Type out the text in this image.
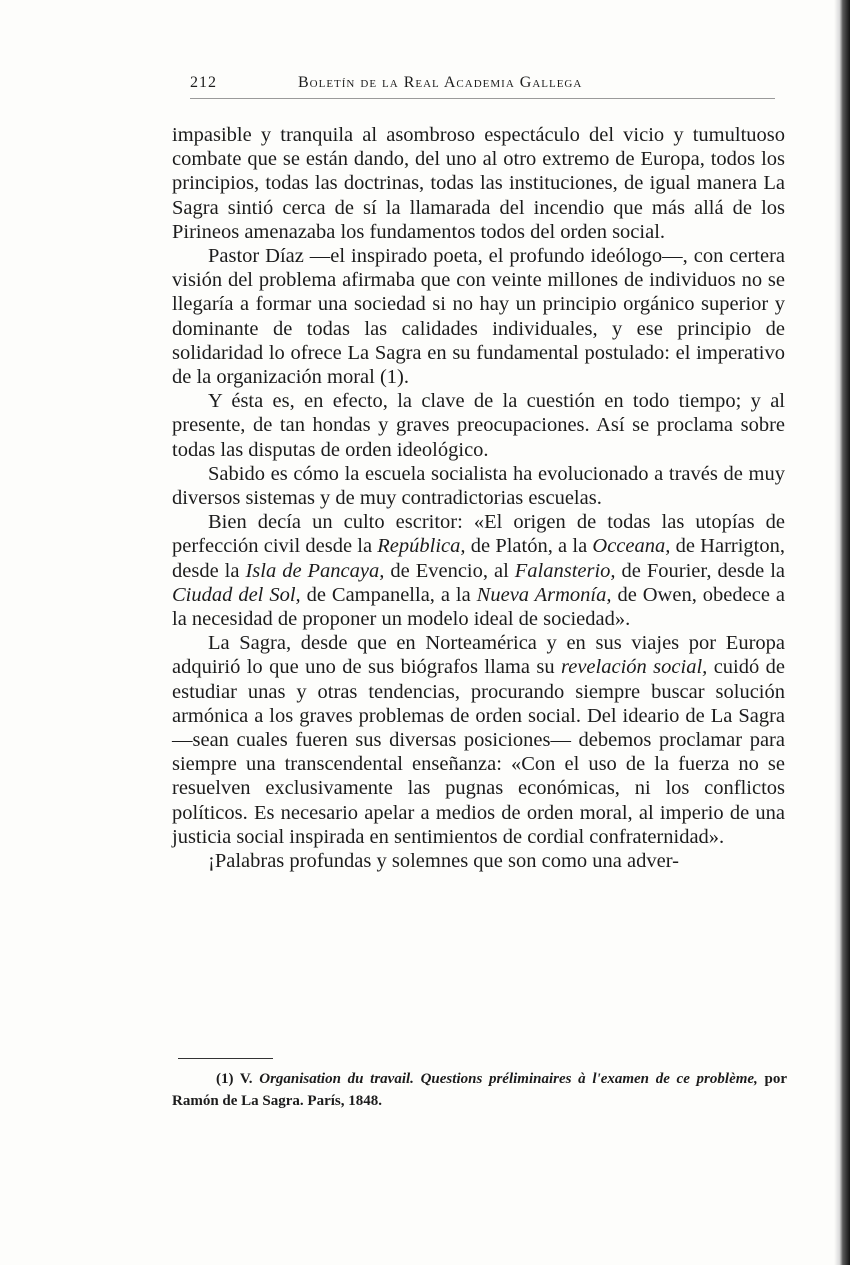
212	Boletín de la Real Academia Gallega

impasible y tranquila al asombroso espectáculo del vicio y tumultuoso combate que se están dando, del uno al otro extremo de Europa, todos los principios, todas las doctrinas, todas las instituciones, de igual manera La Sagra sintió cerca de sí la llamarada del incendio que más allá de los Pirineos amenazaba los fundamentos todos del orden social.

Pastor Díaz —el inspirado poeta, el profundo ideólogo—, con certera visión del problema afirmaba que con veinte millones de individuos no se llegaría a formar una sociedad si no hay un principio orgánico superior y dominante de todas las calidades individuales, y ese principio de solidaridad lo ofrece La Sagra en su fundamental postulado: el imperativo de la organización moral (1).

Y ésta es, en efecto, la clave de la cuestión en todo tiempo; y al presente, de tan hondas y graves preocupaciones. Así se proclama sobre todas las disputas de orden ideológico.

Sabido es cómo la escuela socialista ha evolucionado a través de muy diversos sistemas y de muy contradictorias escuelas.

Bien decía un culto escritor: «El origen de todas las utopías de perfección civil desde la República, de Platón, a la Occeana, de Harrigton, desde la Isla de Pancaya, de Evencio, al Falansterio, de Fourier, desde la Ciudad del Sol, de Campanella, a la Nueva Armonía, de Owen, obedece a la necesidad de proponer un modelo ideal de sociedad».

La Sagra, desde que en Norteamérica y en sus viajes por Europa adquirió lo que uno de sus biógrafos llama su revelación social, cuidó de estudiar unas y otras tendencias, procurando siempre buscar solución armónica a los graves problemas de orden social. Del ideario de La Sagra —sean cuales fueren sus diversas posiciones— debemos proclamar para siempre una transcendental enseñanza: «Con el uso de la fuerza no se resuelven exclusivamente las pugnas económicas, ni los conflictos políticos. Es necesario apelar a medios de orden moral, al imperio de una justicia social inspirada en sentimientos de cordial confraternidad».

¡Palabras profundas y solemnes que son como una adver-

(1) V. Organisation du travail. Questions préliminaires à l'examen de ce problème, por Ramón de La Sagra. París, 1848.
